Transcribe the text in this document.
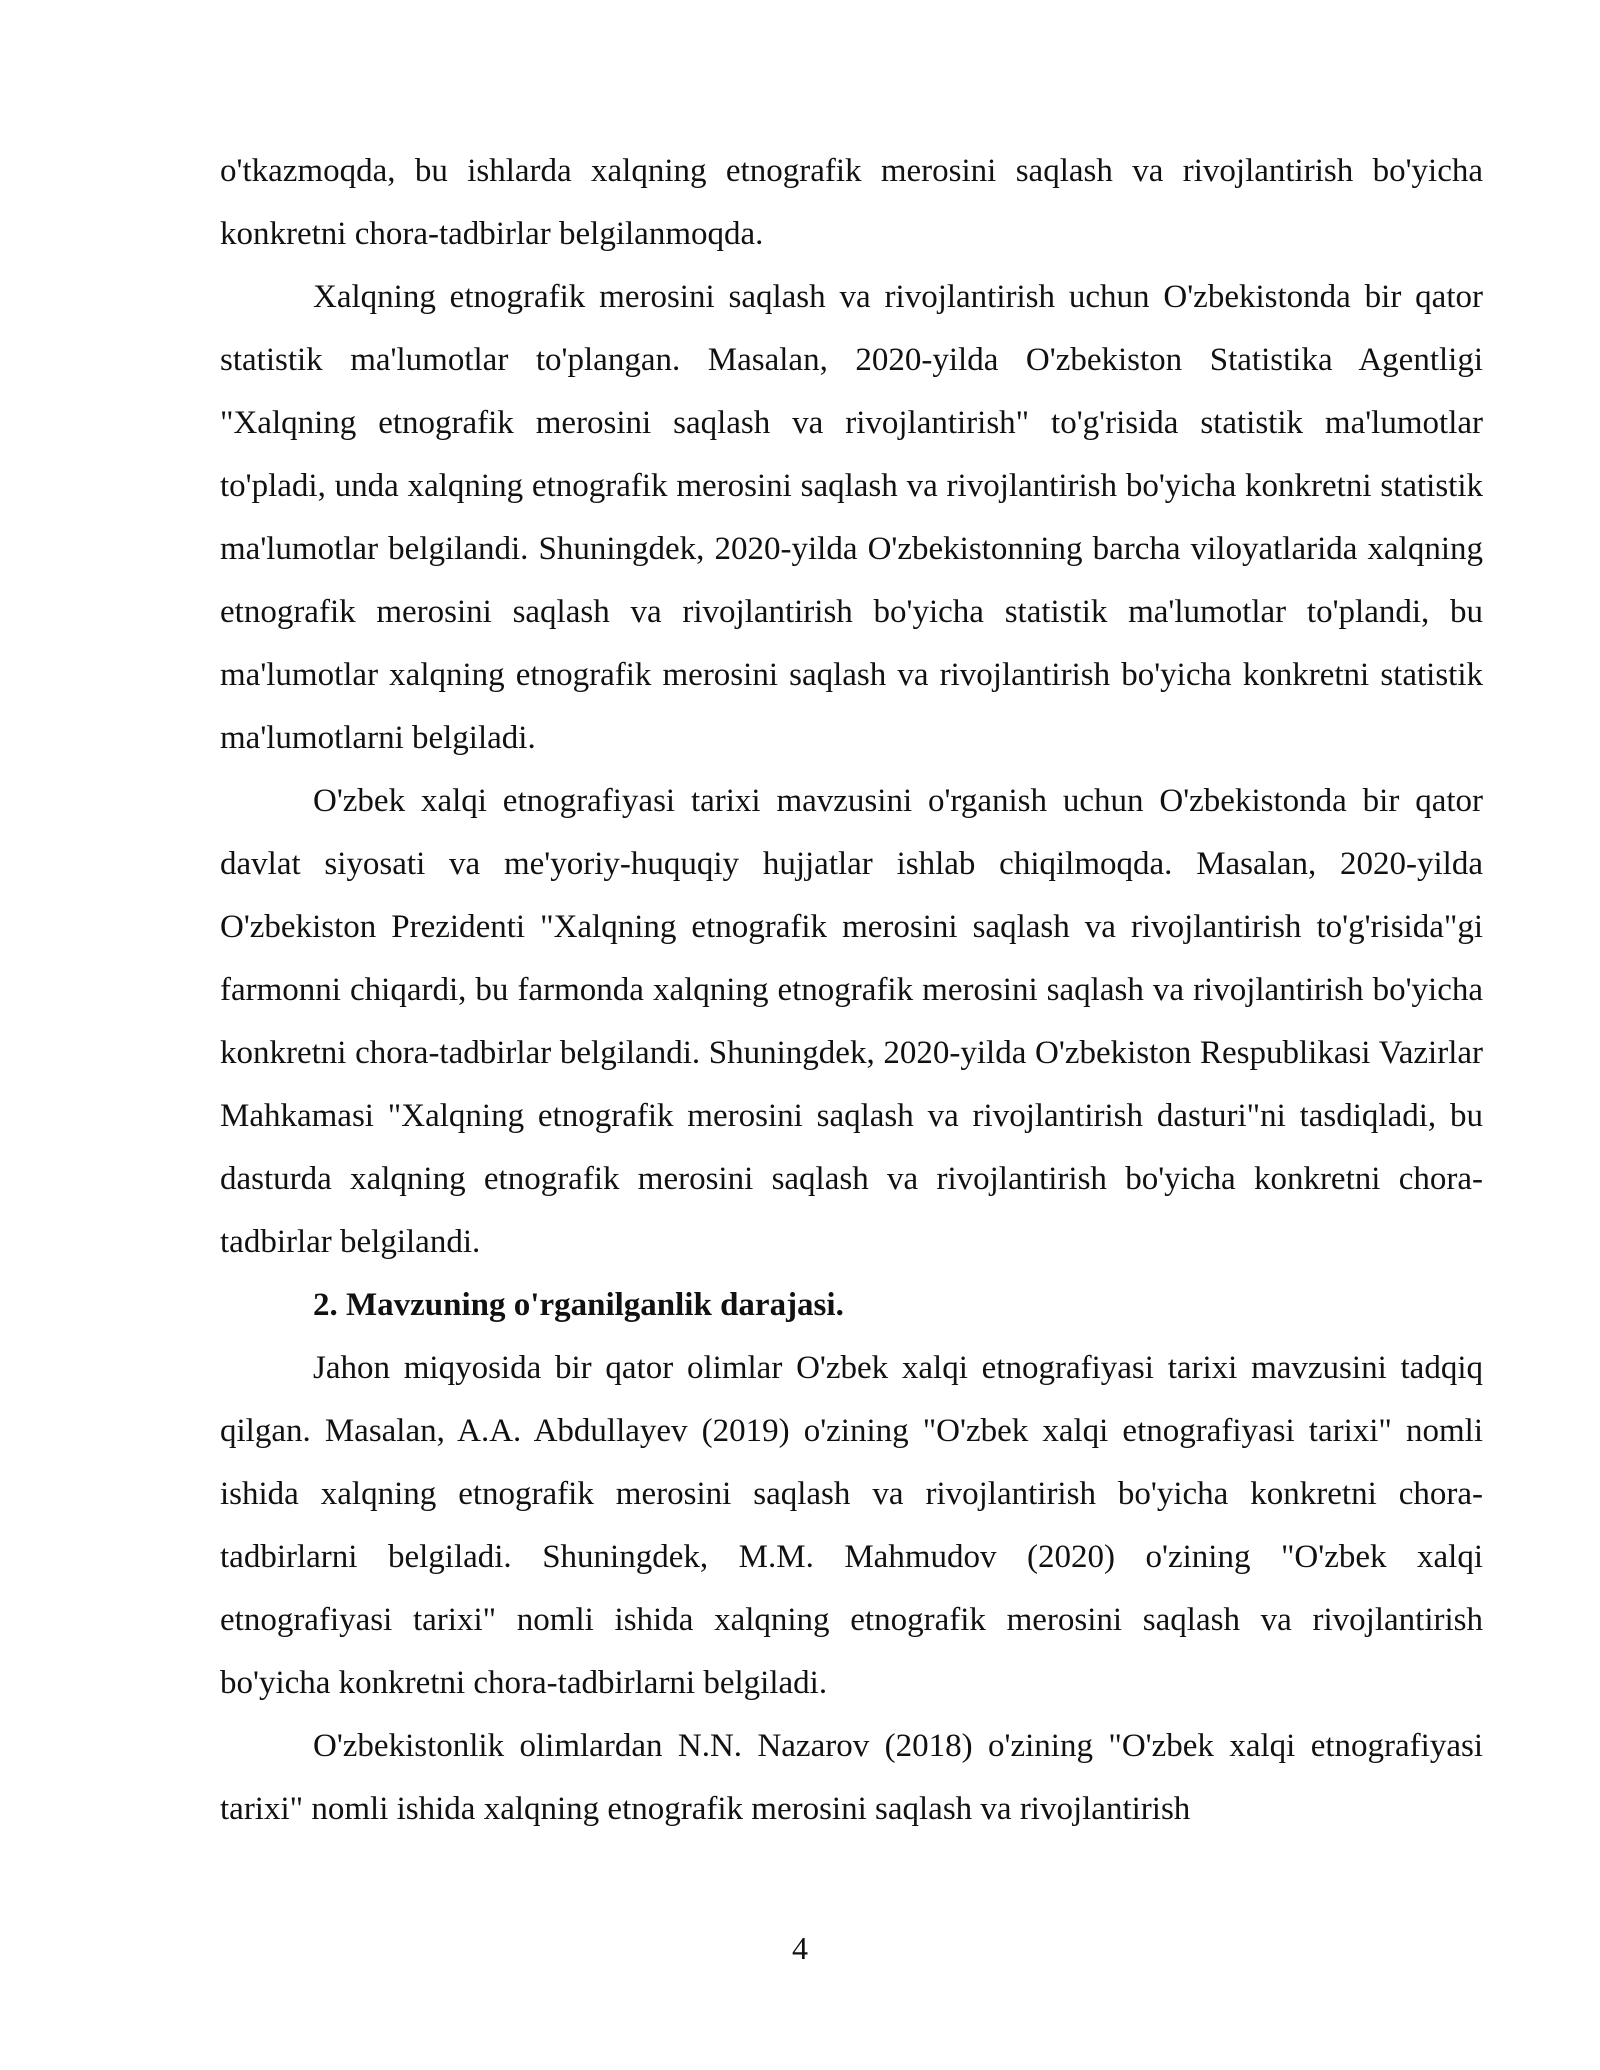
o'tkazmoqda, bu ishlarda xalqning etnografik merosini saqlash va rivojlantirish bo'yicha konkretni chora-tadbirlar belgilanmoqda.

Xalqning etnografik merosini saqlash va rivojlantirish uchun O'zbekistonda bir qator statistik ma'lumotlar to'plangan. Masalan, 2020-yilda O'zbekiston Statistika Agentligi "Xalqning etnografik merosini saqlash va rivojlantirish" to'g'risida statistik ma'lumotlar to'pladi, unda xalqning etnografik merosini saqlash va rivojlantirish bo'yicha konkretni statistik ma'lumotlar belgilandi. Shuningdek, 2020-yilda O'zbekistonning barcha viloyatlarida xalqning etnografik merosini saqlash va rivojlantirish bo'yicha statistik ma'lumotlar to'plandi, bu ma'lumotlar xalqning etnografik merosini saqlash va rivojlantirish bo'yicha konkretni statistik ma'lumotlarni belgiladi.

O'zbek xalqi etnografiyasi tarixi mavzusini o'rganish uchun O'zbekistonda bir qator davlat siyosati va me'yoriy-huquqiy hujjatlar ishlab chiqilmoqda. Masalan, 2020-yilda O'zbekiston Prezidenti "Xalqning etnografik merosini saqlash va rivojlantirish to'g'risida"gi farmonni chiqardi, bu farmonda xalqning etnografik merosini saqlash va rivojlantirish bo'yicha konkretni chora-tadbirlar belgilandi. Shuningdek, 2020-yilda O'zbekiston Respublikasi Vazirlar Mahkamasi "Xalqning etnografik merosini saqlash va rivojlantirish dasturi"ni tasdiqladi, bu dasturda xalqning etnografik merosini saqlash va rivojlantirish bo'yicha konkretni chora-tadbirlar belgilandi.

2. Mavzuning o'rganilganlik darajasi.

Jahon miqyosida bir qator olimlar O'zbek xalqi etnografiyasi tarixi mavzusini tadqiq qilgan. Masalan, A.A. Abdullayev (2019) o'zining "O'zbek xalqi etnografiyasi tarixi" nomli ishida xalqning etnografik merosini saqlash va rivojlantirish bo'yicha konkretni chora-tadbirlarni belgiladi. Shuningdek, M.M. Mahmudov (2020) o'zining "O'zbek xalqi etnografiyasi tarixi" nomli ishida xalqning etnografik merosini saqlash va rivojlantirish bo'yicha konkretni chora-tadbirlarni belgiladi.

O'zbekistonlik olimlardan N.N. Nazarov (2018) o'zining "O'zbek xalqi etnografiyasi tarixi" nomli ishida xalqning etnografik merosini saqlash va rivojlantirish

4
